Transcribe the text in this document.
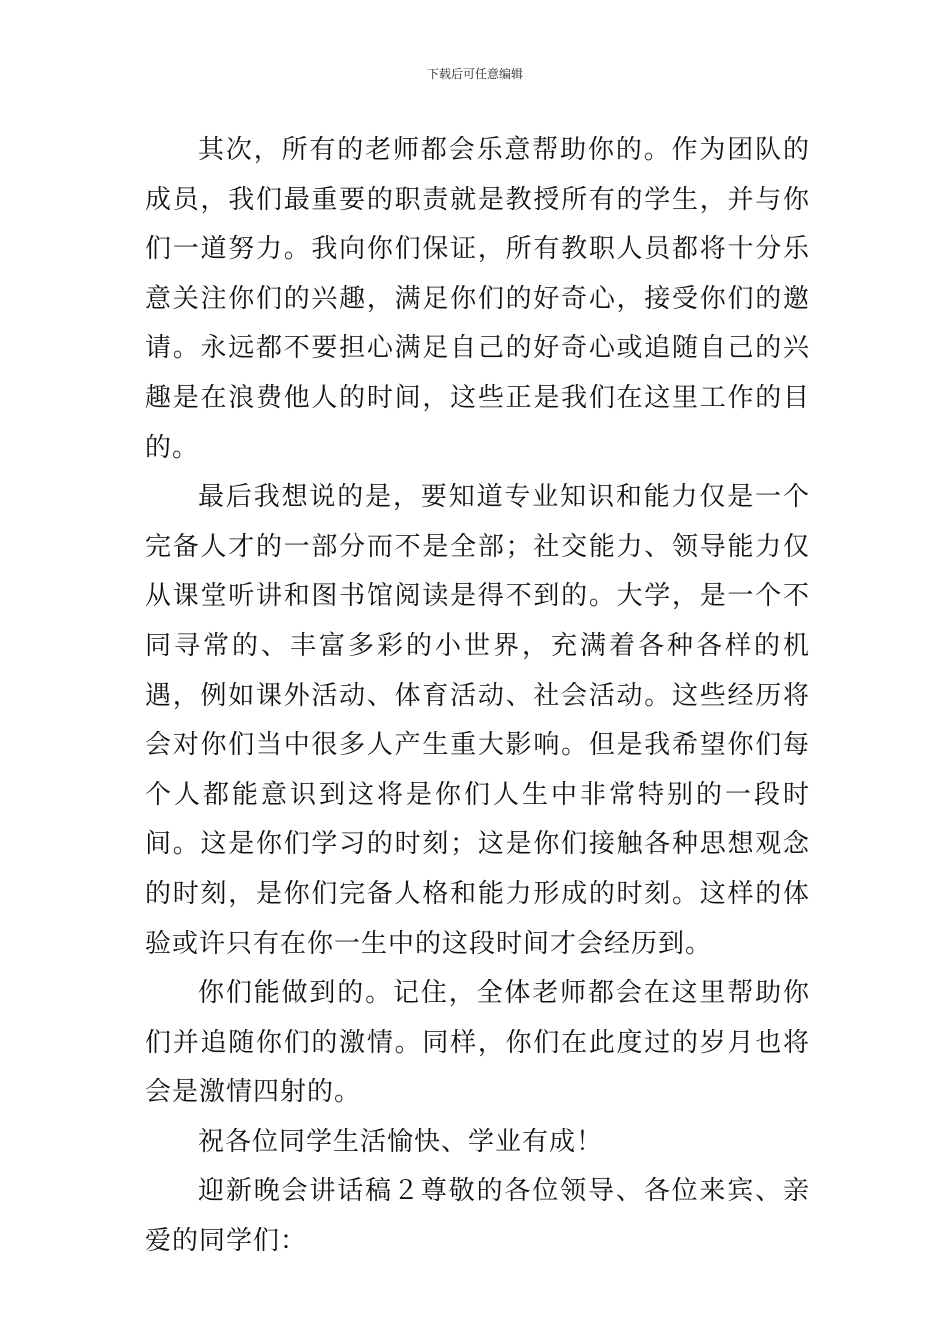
下载后可任意编辑

其次，所有的老师都会乐意帮助你的。作为团队的成员，我们最重要的职责就是教授所有的学生，并与你们一道努力。我向你们保证，所有教职人员都将十分乐意关注你们的兴趣，满足你们的好奇心，接受你们的邀请。永远都不要担心满足自己的好奇心或追随自己的兴趣是在浪费他人的时间，这些正是我们在这里工作的目的。

最后我想说的是，要知道专业知识和能力仅是一个完备人才的一部分而不是全部；社交能力、领导能力仅从课堂听讲和图书馆阅读是得不到的。大学，是一个不同寻常的、丰富多彩的小世界，充满着各种各样的机遇，例如课外活动、体育活动、社会活动。这些经历将会对你们当中很多人产生重大影响。但是我希望你们每个人都能意识到这将是你们人生中非常特别的一段时间。这是你们学习的时刻；这是你们接触各种思想观念的时刻，是你们完备人格和能力形成的时刻。这样的体验或许只有在你一生中的这段时间才会经历到。

你们能做到的。记住，全体老师都会在这里帮助你们并追随你们的激情。同样，你们在此度过的岁月也将会是激情四射的。

祝各位同学生活愉快、学业有成！

迎新晚会讲话稿２尊敬的各位领导、各位来宾、亲爱的同学们：
